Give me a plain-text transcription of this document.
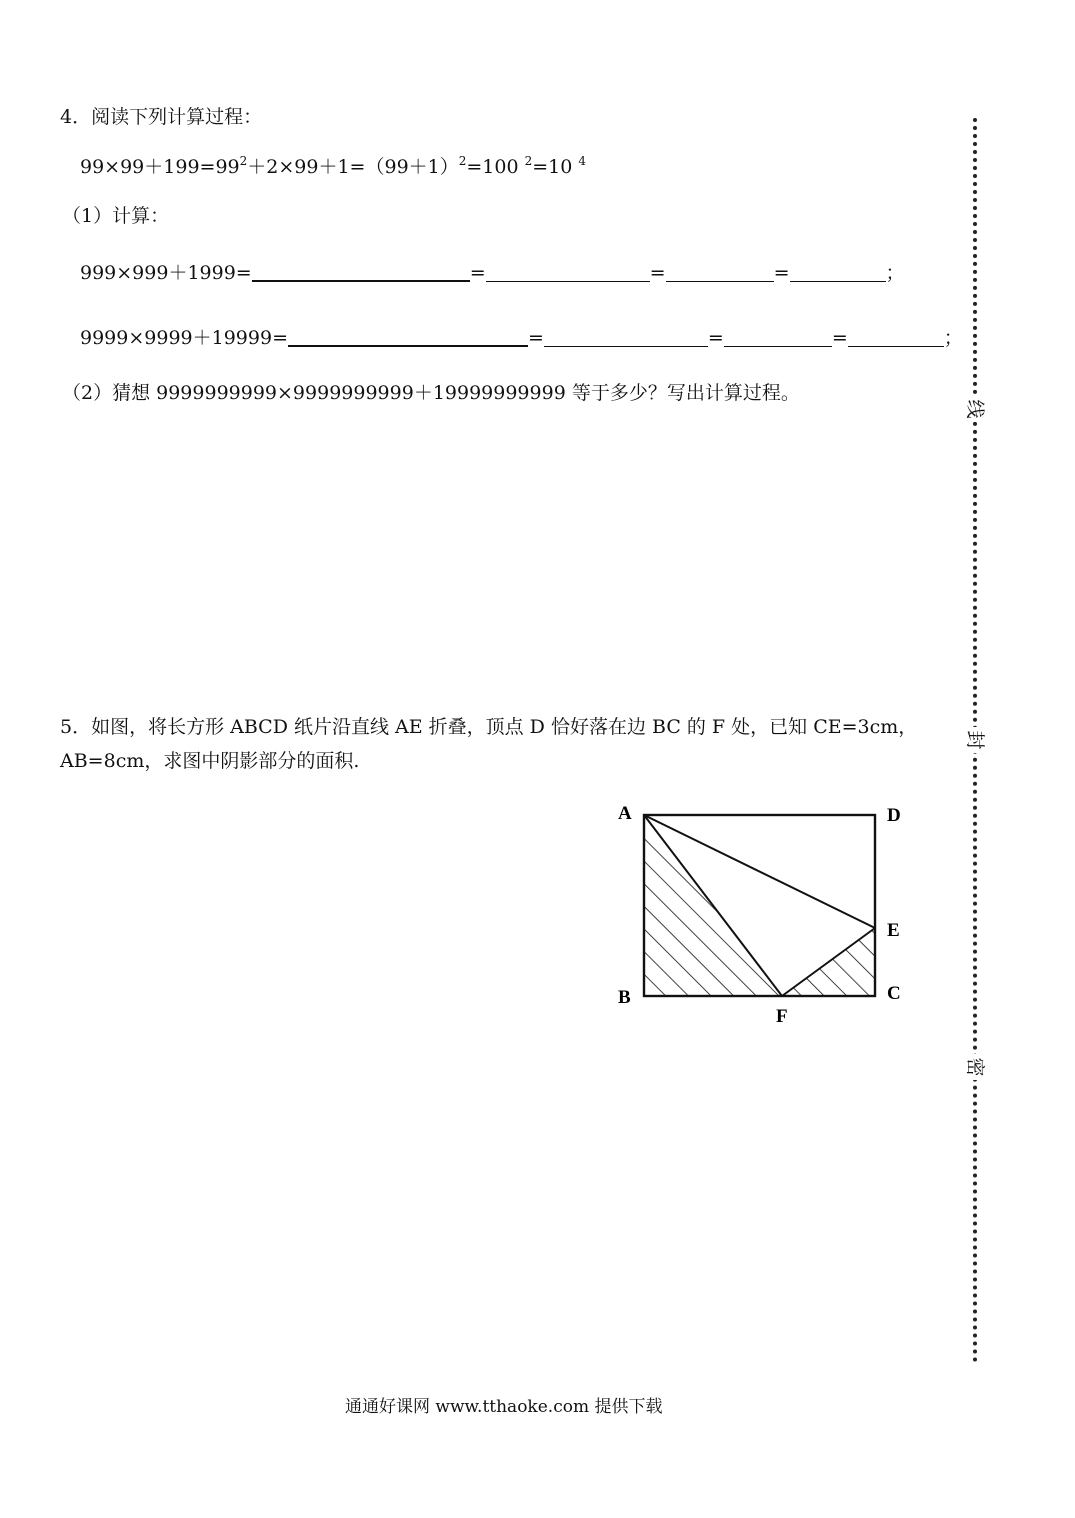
4．阅读下列计算过程：
$99\times 99+199=99^2+2\times 99+1=(99+1)^2=100$ $^2$=10 $^4$
（1）计算：
999×999＋1999=	=	=	=	；
9999×9999＋19999=	=	=	=	；
（2）猜想 9999999999×9999999999＋19999999999 等于多少？写出计算过程。
5．如图，将长方形 ABCD 纸片沿直线 AE 折叠，顶点 D 恰好落在边 BC 的 F 处，已知 CE=3cm，
AB=8cm，求图中阴影部分的面积.
A	D
E
B	C
F
线
封
密
通通好课网 www.tthaoke.com 提供下载
